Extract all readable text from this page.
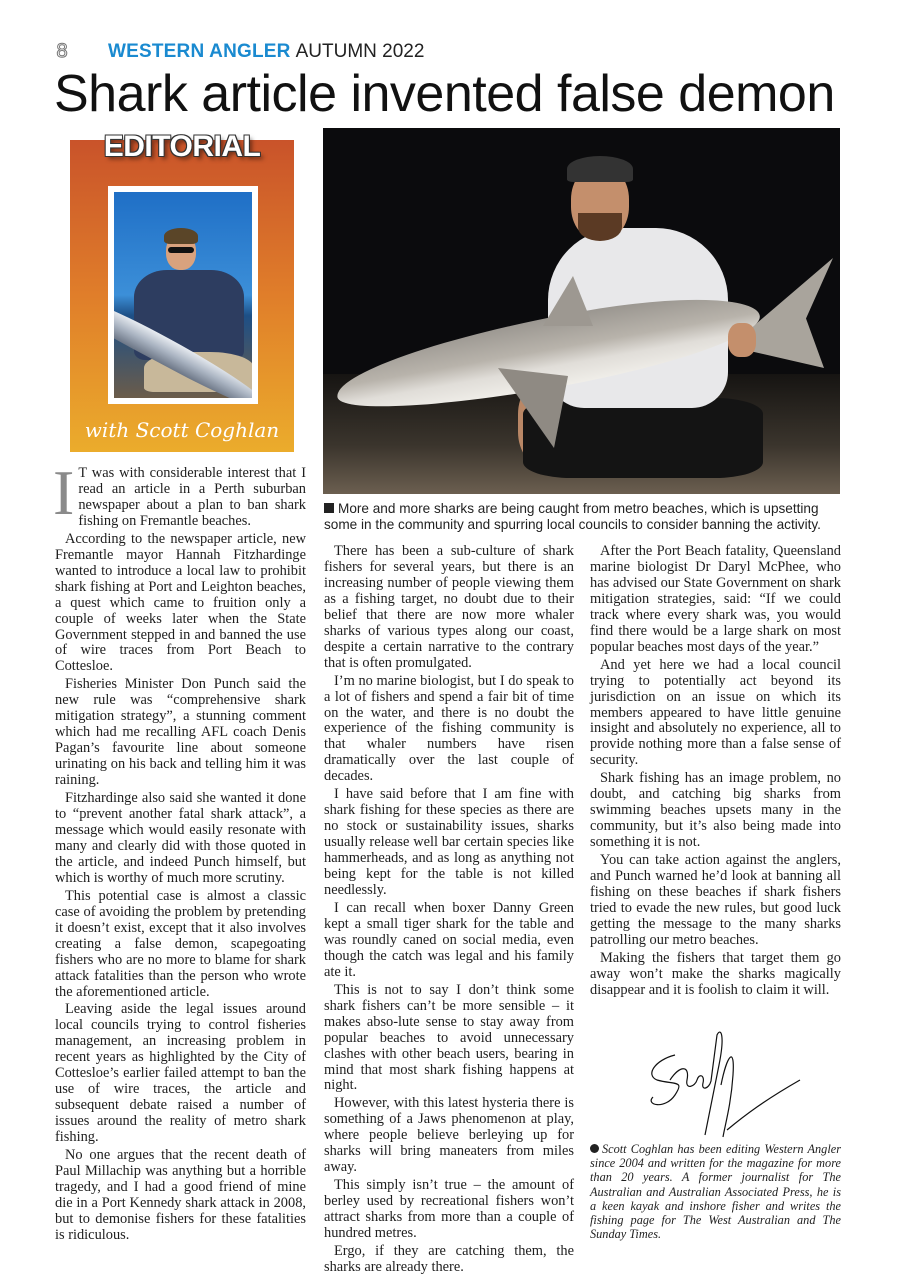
8	WESTERN ANGLER AUTUMN 2022
Shark article invented false demon
EDITORIAL
with Scott Coghlan
More and more sharks are being caught from metro beaches, which is upsetting some in the community and spurring local councils to consider banning the activity.

I T was with considerable interest that I read an article in a Perth suburban newspaper about a plan to ban shark fishing on Fremantle beaches.

According to the newspaper article, new Fremantle mayor Hannah Fitzhardinge wanted to introduce a local law to prohibit shark fishing at Port and Leighton beaches, a quest which came to fruition only a couple of weeks later when the State Government stepped in and banned the use of wire traces from Port Beach to Cottesloe.

Fisheries Minister Don Punch said the new rule was “comprehensive shark mitigation strategy”, a stunning comment which had me recalling AFL coach Denis Pagan’s favourite line about someone urinating on his back and telling him it was raining.

Fitzhardinge also said she wanted it done to “prevent another fatal shark attack”, a message which would easily resonate with many and clearly did with those quoted in the article, and indeed Punch himself, but which is worthy of much more scrutiny.

This potential case is almost a classic case of avoiding the problem by pretending it doesn’t exist, except that it also involves creating a false demon, scapegoating fishers who are no more to blame for shark attack fatalities than the person who wrote the aforementioned article.

Leaving aside the legal issues around local councils trying to control fisheries management, an increasing problem in recent years as highlighted by the City of Cottesloe’s earlier failed attempt to ban the use of wire traces, the article and subsequent debate raised a number of issues around the reality of metro shark fishing.

No one argues that the recent death of Paul Millachip was anything but a horrible tragedy, and I had a good friend of mine die in a Port Kennedy shark attack in 2008, but to demonise fishers for these fatalities is ridiculous.

There has been a sub-culture of shark fishers for several years, but there is an increasing number of people viewing them as a fishing target, no doubt due to their belief that there are now more whaler sharks of various types along our coast, despite a certain narrative to the contrary that is often promulgated.

I’m no marine biologist, but I do speak to a lot of fishers and spend a fair bit of time on the water, and there is no doubt the experience of the fishing community is that whaler numbers have risen dramatically over the last couple of decades.

I have said before that I am fine with shark fishing for these species as there are no stock or sustainability issues, sharks usually release well bar certain species like hammerheads, and as long as anything not being kept for the table is not killed needlessly.

I can recall when boxer Danny Green kept a small tiger shark for the table and was roundly caned on social media, even though the catch was legal and his family ate it.

This is not to say I don’t think some shark fishers can’t be more sensible – it makes abso-lute sense to stay away from popular beaches to avoid unnecessary clashes with other beach users, bearing in mind that most shark fishing happens at night.

However, with this latest hysteria there is something of a Jaws phenomenon at play, where people believe berleying up for sharks will bring maneaters from miles away.

This simply isn’t true – the amount of berley used by recreational fishers won’t attract sharks from more than a couple of hundred metres.

Ergo, if they are catching them, the sharks are already there.

After the Port Beach fatality, Queensland marine biologist Dr Daryl McPhee, who has advised our State Government on shark mitigation strategies, said: “If we could track where every shark was, you would find there would be a large shark on most popular beaches most days of the year.”

And yet here we had a local council trying to potentially act beyond its jurisdiction on an issue on which its members appeared to have little genuine insight and absolutely no experience, all to provide nothing more than a false sense of security.

Shark fishing has an image problem, no doubt, and catching big sharks from swimming beaches upsets many in the community, but it’s also being made into something it is not.

You can take action against the anglers, and Punch warned he’d look at banning all fishing on these beaches if shark fishers tried to evade the new rules, but good luck getting the message to the many sharks patrolling our metro beaches.

Making the fishers that target them go away won’t make the sharks magically disappear and it is foolish to claim it will.

Scott Coghlan has been editing Western Angler since 2004 and written for the magazine for more than 20 years. A former journalist for The Australian and Australian Associated Press, he is a keen kayak and inshore fisher and writes the fishing page for The West Australian and The Sunday Times.
